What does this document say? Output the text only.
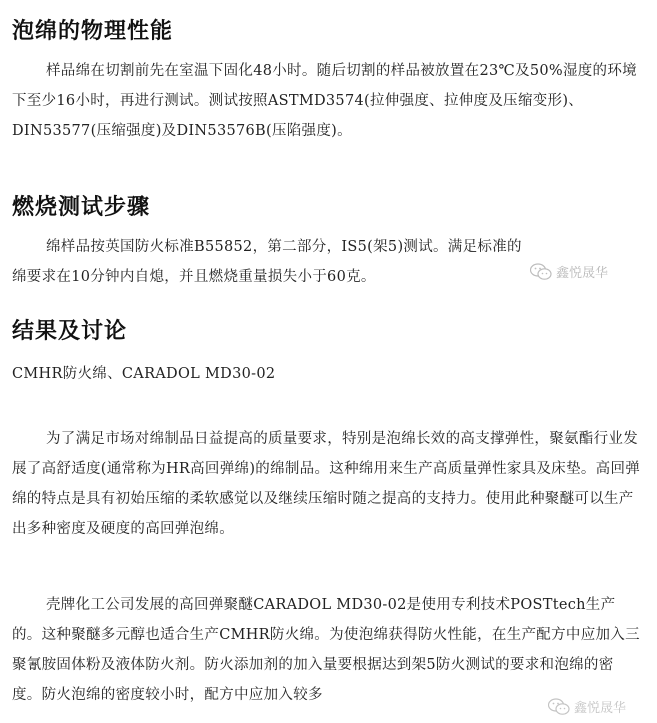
泡绵的物理性能

样品绵在切割前先在室温下固化48小时。随后切割的样品被放置在23℃及50%湿度的环境下至少16小时，再进行测试。测试按照ASTMD3574(拉伸强度、拉伸度及压缩变形)、DIN53577(压缩强度)及DIN53576B(压陷强度)。

燃烧测试步骤

绵样品按英国防火标准B55852，第二部分，IS5(架5)测试。满足标准的绵要求在10分钟内自熄，并且燃烧重量损失小于60克。

结果及讨论

CMHR防火绵、CARADOL MD30-02

为了满足市场对绵制品日益提高的质量要求，特别是泡绵长效的高支撑弹性，聚氨酯行业发展了高舒适度(通常称为HR高回弹绵)的绵制品。这种绵用来生产高质量弹性家具及床垫。高回弹绵的特点是具有初始压缩的柔软感觉以及继续压缩时随之提高的支持力。使用此种聚醚可以生产出多种密度及硬度的高回弹泡绵。

壳牌化工公司发展的高回弹聚醚CARADOL MD30-02是使用专利技术POSTtech生产的。这种聚醚多元醇也适合生产CMHR防火绵。为使泡绵获得防火性能，在生产配方中应加入三聚氰胺固体粉及液体防火剂。防火添加剂的加入量要根据达到架5防火测试的要求和泡绵的密度。防火泡绵的密度较小时，配方中应加入较多

鑫悦晟华
鑫悦晟华
